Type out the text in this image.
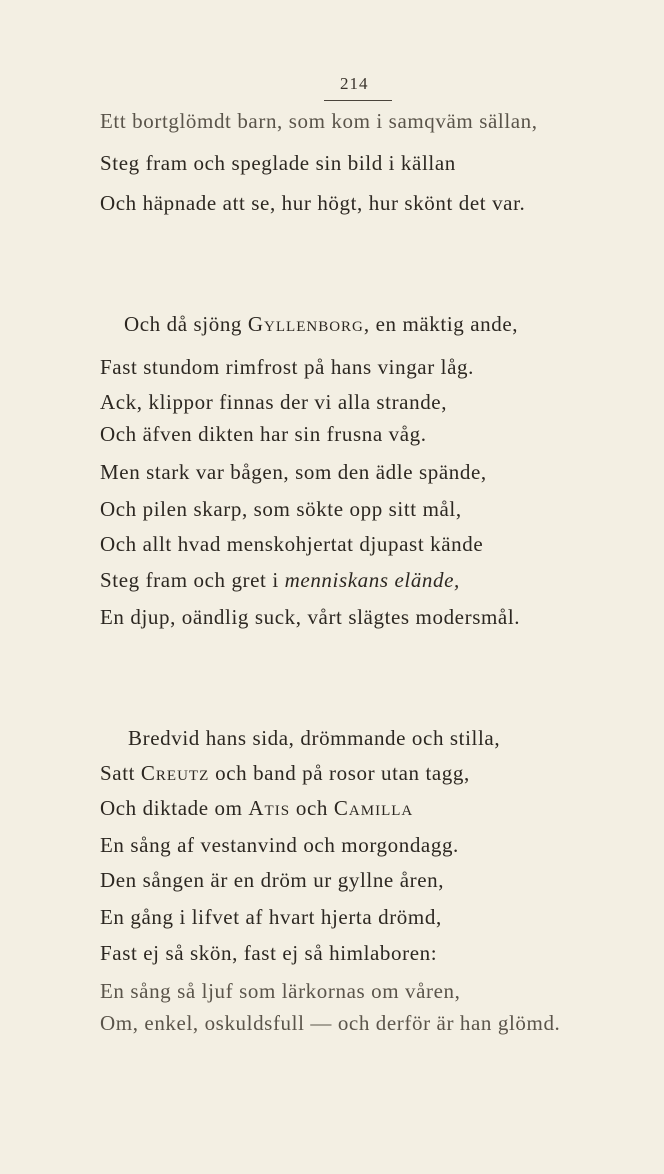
214
Ett bortglömdt barn, som kom i samqväm sällan,
Steg fram och speglade sin bild i källan
Och häpnade att se, hur högt, hur skönt det var.
Och då sjöng Gyllenborg, en mäktig ande,
Fast stundom rimfrost på hans vingar låg.
Ack, klippor finnas der vi alla strande,
Och äfven dikten har sin frusna våg.
Men stark var bågen, som den ädle spände,
Och pilen skarp, som sökte opp sitt mål,
Och allt hvad menskohjertat djupast kände
Steg fram och gret i menniskans elände,
En djup, oändlig suck, vårt slägtes modersmål.
Bredvid hans sida, drömmande och stilla,
Satt Creutz och band på rosor utan tagg,
Och diktade om Atis och Camilla
En sång af vestanvind och morgondagg.
Den sången är en dröm ur gyllne åren,
En gång i lifvet af hvart hjerta drömd,
Fast ej så skön, fast ej så himlaboren:
En sång så ljuf som lärkornas om våren,
Om, enkel, oskuldsfull — och derför är han glömd.
